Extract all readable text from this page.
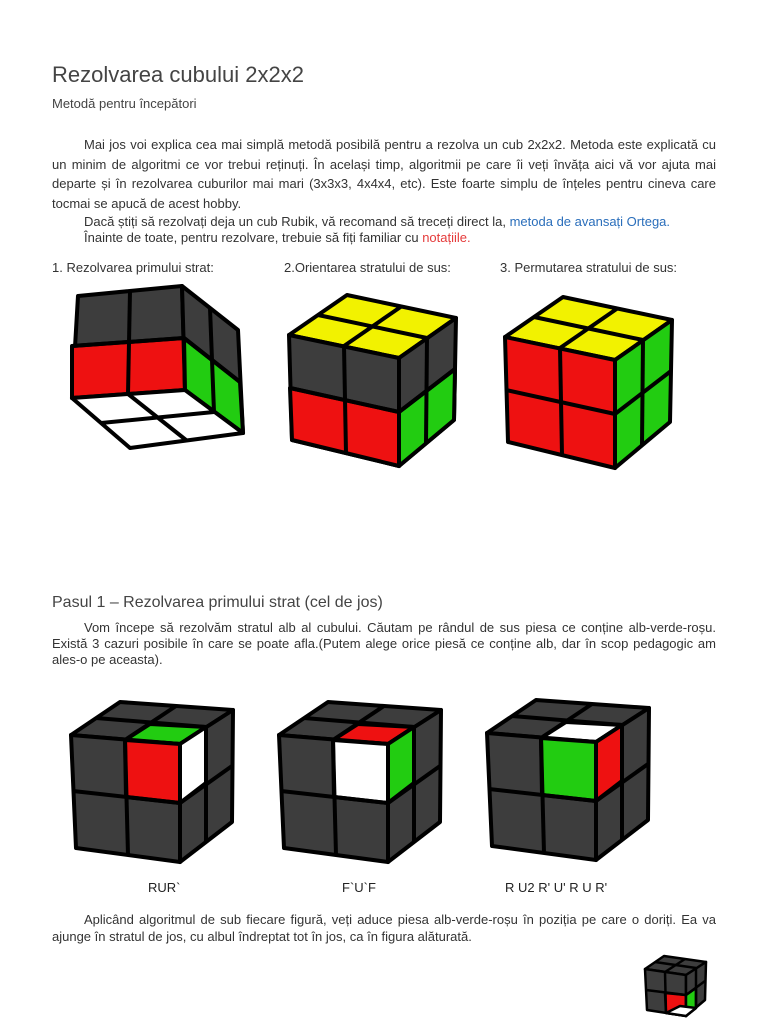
Rezolvarea cubului 2x2x2
Metodă pentru începători
Mai jos voi explica cea mai simplă metodă posibilă pentru a rezolva un cub 2x2x2. Metoda este explicată cu un minim de algoritmi ce vor trebui reținuți. În același timp, algoritmii pe care îi veți învăța aici vă vor ajuta mai departe și în rezolvarea cuburilor mai mari (3x3x3, 4x4x4, etc). Este foarte simplu de înțeles pentru cineva care tocmai se apucă de acest hobby.
Dacă știți să rezolvați deja un cub Rubik, vă recomand să treceți direct la, metoda de avansați Ortega.
Înainte de toate, pentru rezolvare, trebuie să fiți familiar cu notațiile.
1. Rezolvarea primului strat:	2.Orientarea stratului de sus:	3. Permutarea stratului de sus:
Pasul 1 – Rezolvarea primului strat (cel de jos)
Vom începe să rezolvăm stratul alb al cubului. Căutam pe rândul de sus piesa ce conține alb-verde-roșu. Există 3 cazuri posibile în care se poate afla.(Putem alege orice piesă ce conține alb, dar în scop pedagogic am ales-o pe aceasta).
RUR`	F`U`F	R U2 R' U' R U R'
Aplicând algoritmul de sub fiecare figură, veți aduce piesa alb-verde-roșu în poziția pe care o doriți. Ea va ajunge în stratul de jos, cu albul îndreptat tot în jos, ca în figura alăturată.
